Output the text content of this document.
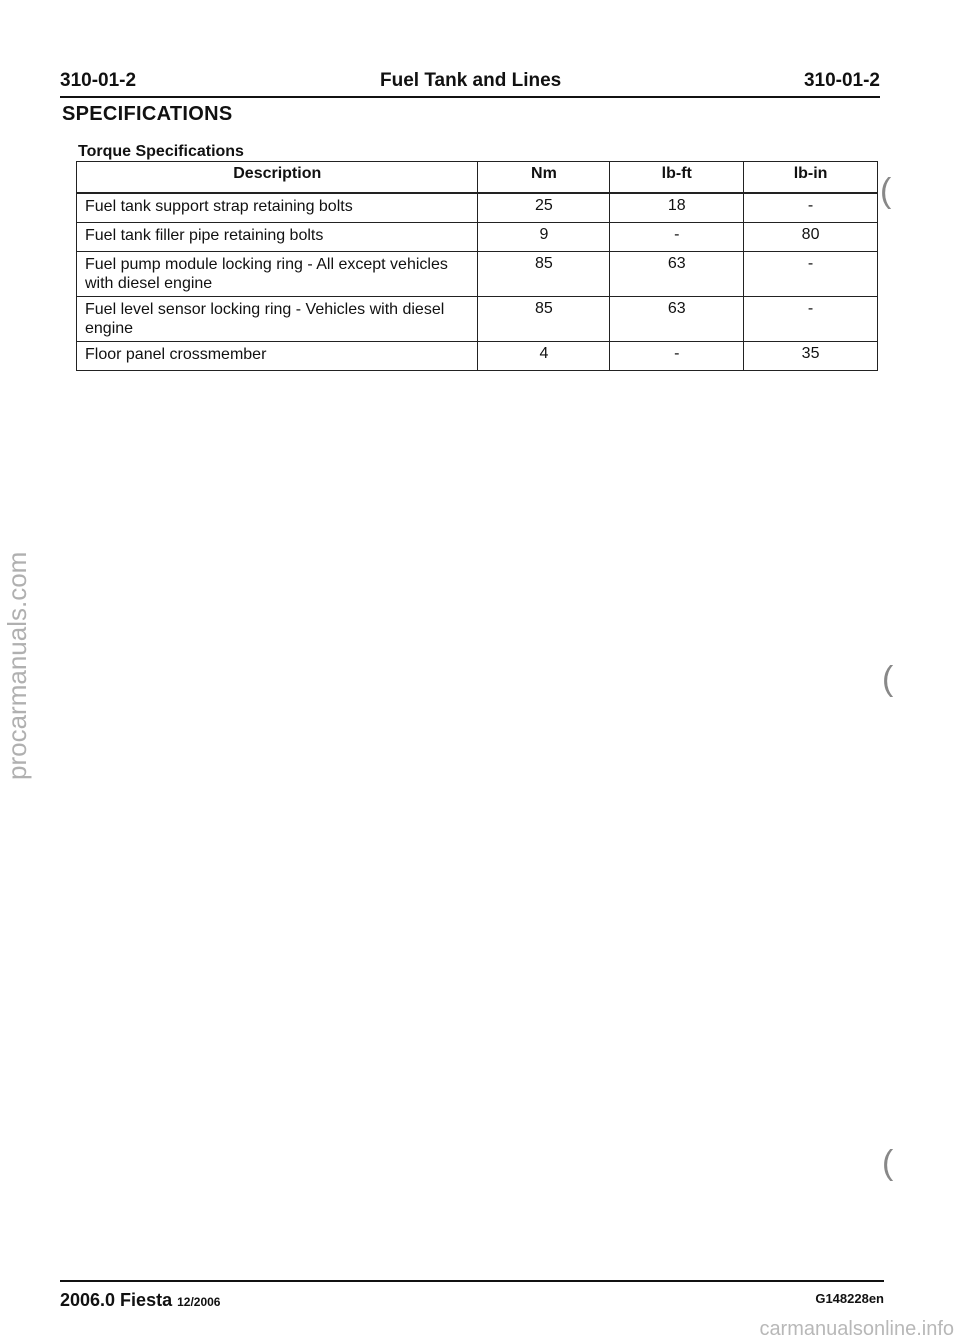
310-01-2	Fuel Tank and Lines	310-01-2
SPECIFICATIONS
Torque Specifications
Description	Nm	lb-ft	lb-in
Fuel tank support strap retaining bolts	25	18	-
Fuel tank filler pipe retaining bolts	9	-	80
Fuel pump module locking ring - All except vehicles with diesel engine	85	63	-
Fuel level sensor locking ring - Vehicles with diesel engine	85	63	-
Floor panel crossmember	4	-	35
(
(
(
2006.0 Fiesta 12/2006	G148228en
procarmanuals.com
carmanualsonline.info
